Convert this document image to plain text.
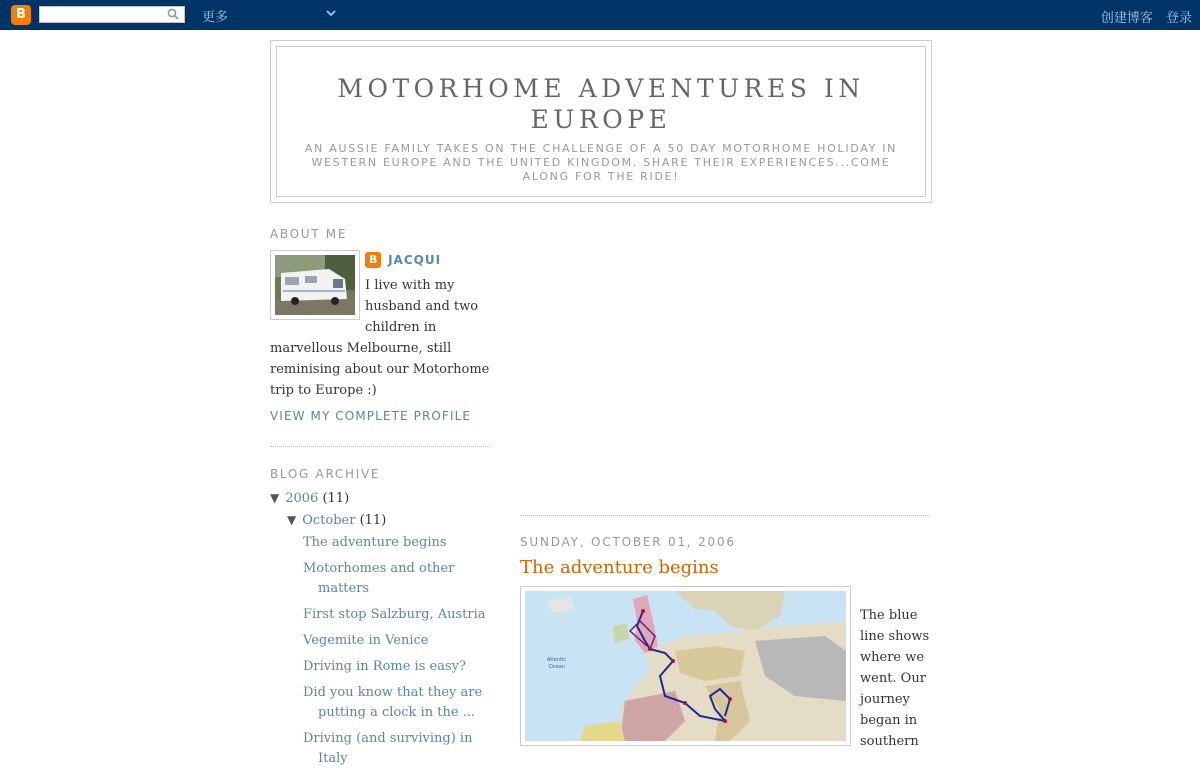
B	更多	创建博客 登录
MOTORHOME ADVENTURES IN EUROPE
AN AUSSIE FAMILY TAKES ON THE CHALLENGE OF A 50 DAY MOTORHOME HOLIDAY IN WESTERN EUROPE AND THE UNITED KINGDOM. SHARE THEIR EXPERIENCES...COME ALONG FOR THE RIDE!
ABOUT ME
B JACQUI
I live with my husband and two children in marvellous Melbourne, still reminising about our Motorhome trip to Europe :)
VIEW MY COMPLETE PROFILE
BLOG ARCHIVE
▼ 2006 (11)
▼ October (11)
The adventure begins
Motorhomes and other matters
First stop Salzburg, Austria
Vegemite in Venice
Driving in Rome is easy?
Did you know that they are putting a clock in the ...
Driving (and surviving) in Italy
SUNDAY, OCTOBER 01, 2006
The adventure begins
Atlantic
Ocean
The blue line shows where we went. Our journey began in southern
